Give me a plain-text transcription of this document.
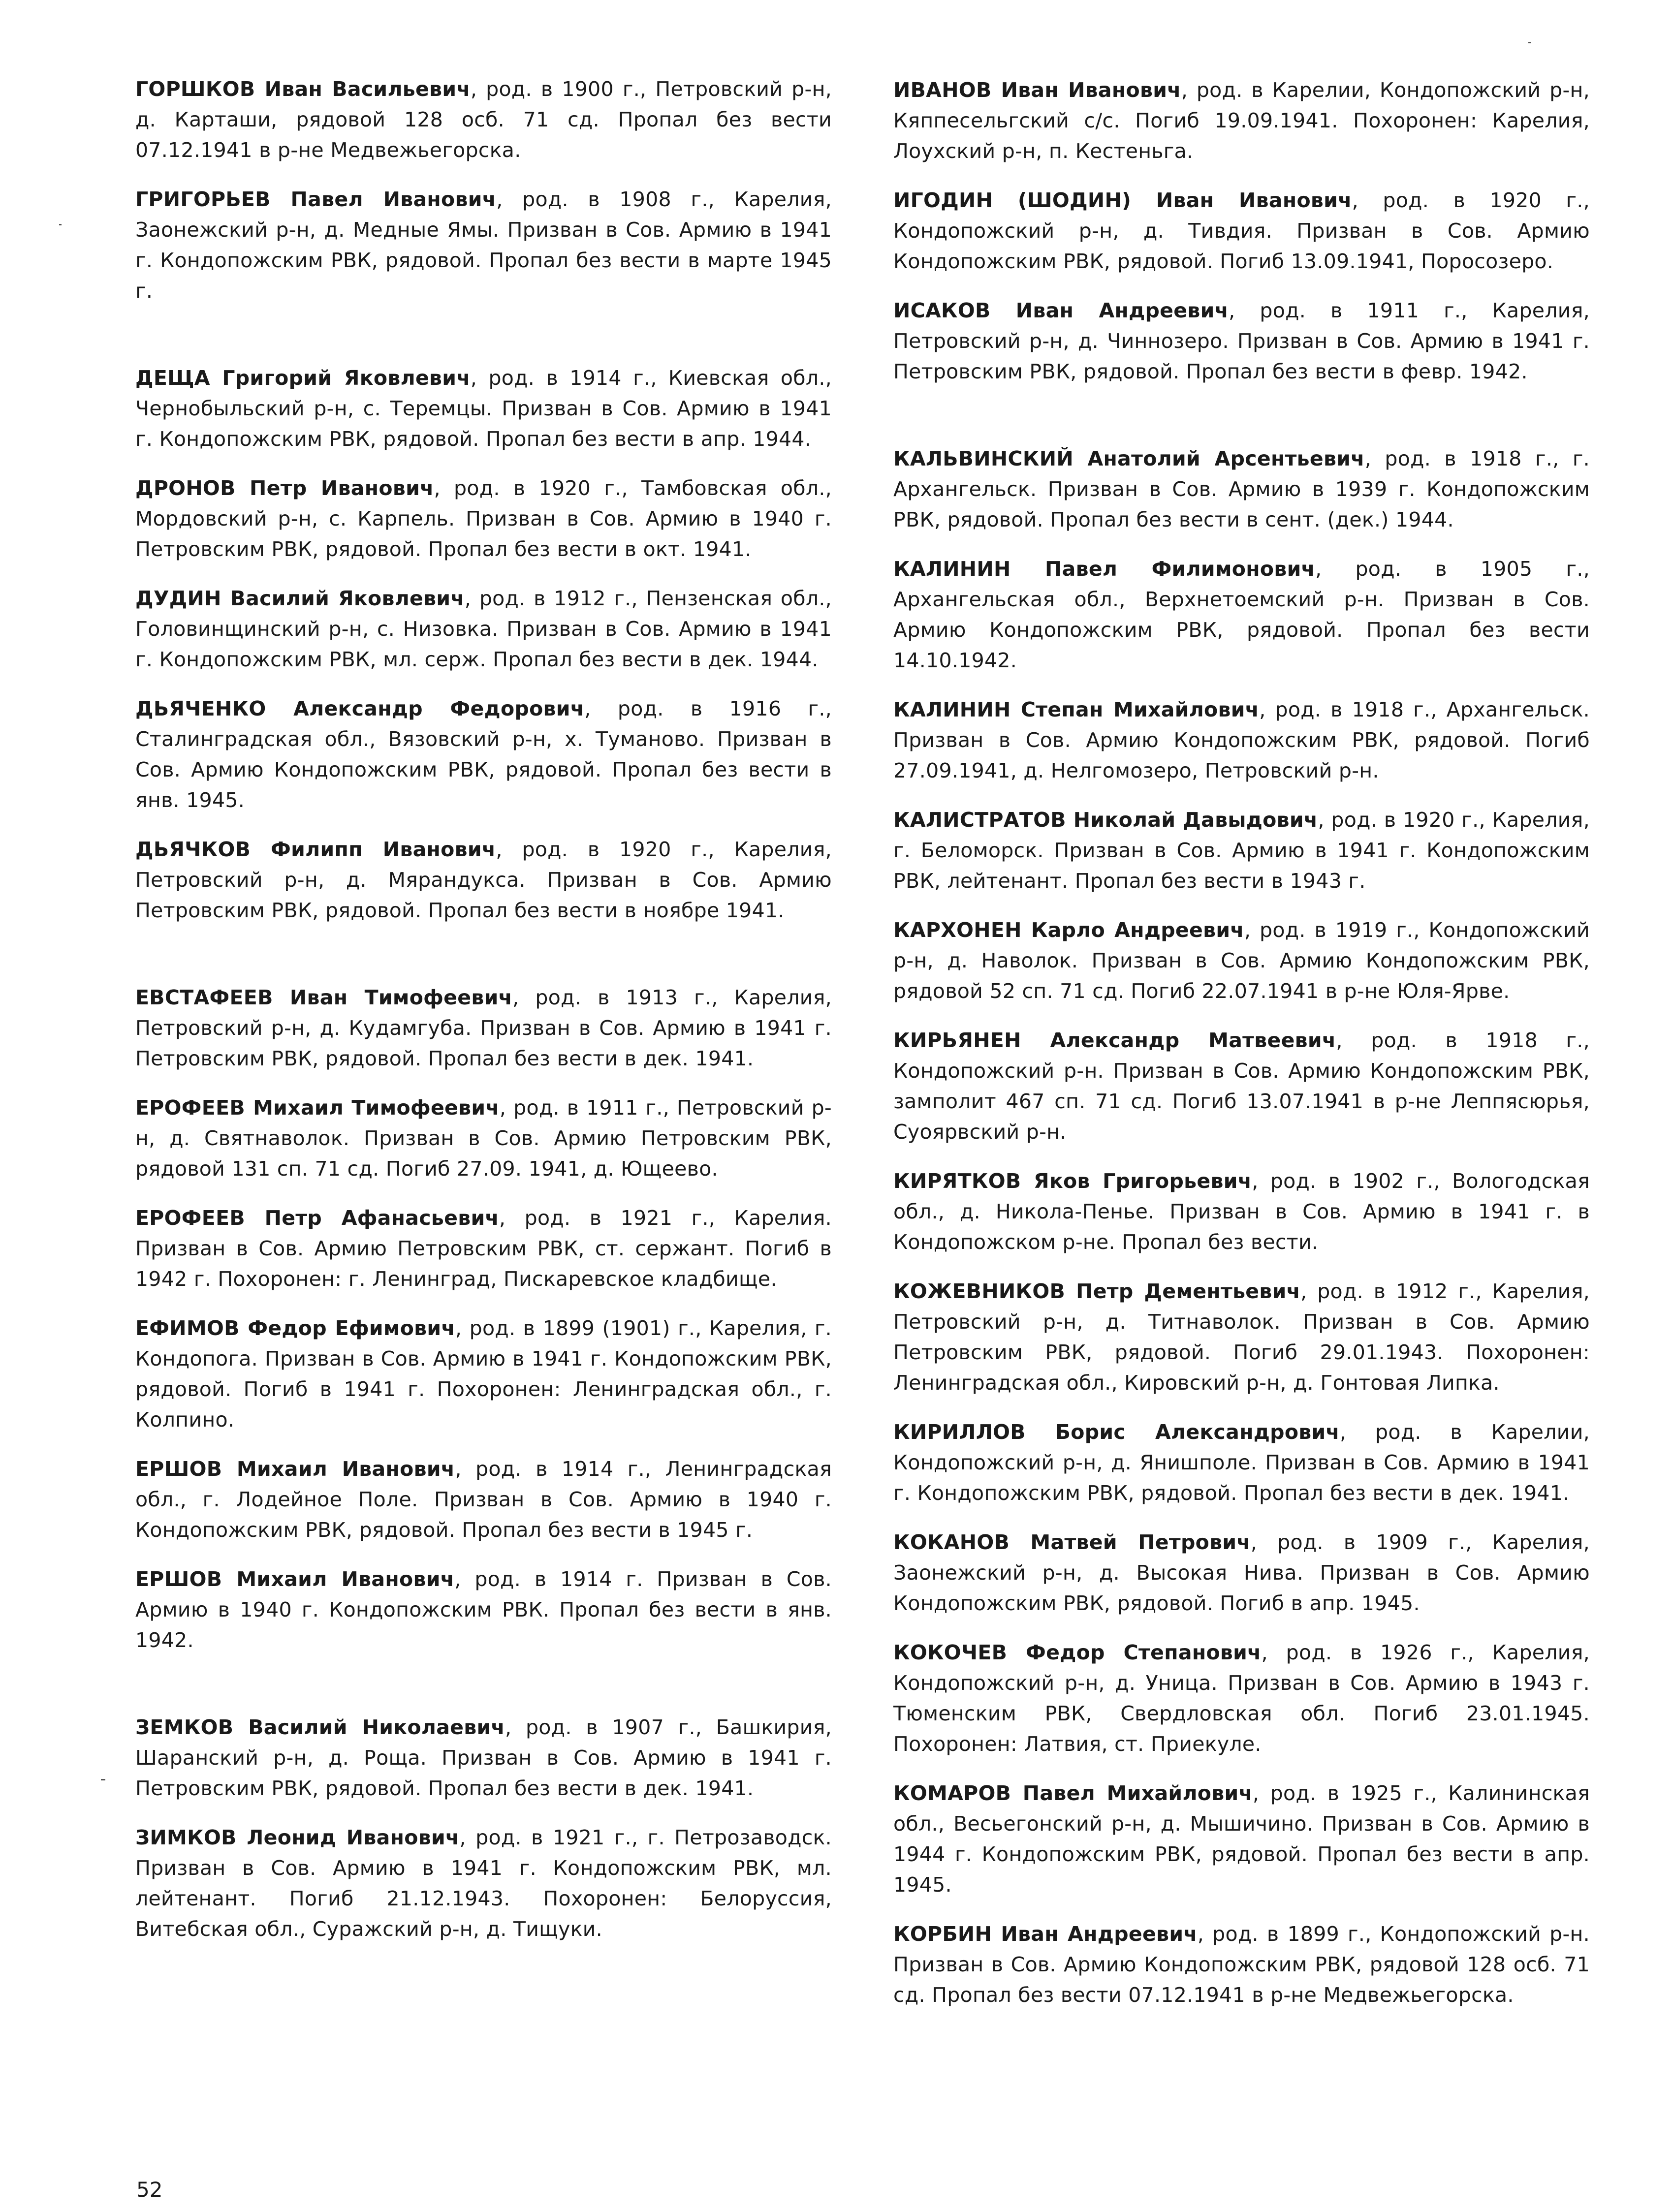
ГОРШКОВ Иван Васильевич, род. в 1900 г., Петровский р-н, д. Карташи, рядовой 128 осб. 71 сд. Пропал без вести 07.12.1941 в р-не Медвежьегорска.

ГРИГОРЬЕВ Павел Иванович, род. в 1908 г., Карелия, Заонежский р-н, д. Медные Ямы. Призван в Сов. Армию в 1941 г. Кондопожским РВК, рядовой. Пропал без вести в марте 1945 г.

ДЕЩА Григорий Яковлевич, род. в 1914 г., Киевская обл., Чернобыльский р-н, с. Теремцы. Призван в Сов. Армию в 1941 г. Кондопожским РВК, рядовой. Пропал без вести в апр. 1944.

ДРОНОВ Петр Иванович, род. в 1920 г., Тамбовская обл., Мордовский р-н, с. Карпель. Призван в Сов. Армию в 1940 г. Петровским РВК, рядовой. Пропал без вести в окт. 1941.

ДУДИН Василий Яковлевич, род. в 1912 г., Пензенская обл., Головинщинский р-н, с. Низовка. Призван в Сов. Армию в 1941 г. Кондопожским РВК, мл. серж. Пропал без вести в дек. 1944.

ДЬЯЧЕНКО Александр Федорович, род. в 1916 г., Сталинградская обл., Вязовский р-н, х. Туманово. Призван в Сов. Армию Кондопожским РВК, рядовой. Пропал без вести в янв. 1945.

ДЬЯЧКОВ Филипп Иванович, род. в 1920 г., Карелия, Петровский р-н, д. Мярандукса. Призван в Сов. Армию Петровским РВК, рядовой. Пропал без вести в ноябре 1941.

ЕВСТАФЕЕВ Иван Тимофеевич, род. в 1913 г., Карелия, Петровский р-н, д. Кудамгуба. Призван в Сов. Армию в 1941 г. Петровским РВК, рядовой. Пропал без вести в дек. 1941.

ЕРОФЕЕВ Михаил Тимофеевич, род. в 1911 г., Петровский р-н, д. Святнаволок. Призван в Сов. Армию Петровским РВК, рядовой 131 сп. 71 сд. Погиб 27.09. 1941, д. Ющеево.

ЕРОФЕЕВ Петр Афанасьевич, род. в 1921 г., Карелия. Призван в Сов. Армию Петровским РВК, ст. сержант. Погиб в 1942 г. Похоронен: г. Ленинград, Пискаревское кладбище.

ЕФИМОВ Федор Ефимович, род. в 1899 (1901) г., Карелия, г. Кондопога. Призван в Сов. Армию в 1941 г. Кондопожским РВК, рядовой. Погиб в 1941 г. Похоронен: Ленинградская обл., г. Колпино.

ЕРШОВ Михаил Иванович, род. в 1914 г., Ленинградская обл., г. Лодейное Поле. Призван в Сов. Армию в 1940 г. Кондопожским РВК, рядовой. Пропал без вести в 1945 г.

ЕРШОВ Михаил Иванович, род. в 1914 г. Призван в Сов. Армию в 1940 г. Кондопожским РВК. Пропал без вести в янв. 1942.

ЗЕМКОВ Василий Николаевич, род. в 1907 г., Башкирия, Шаранский р-н, д. Роща. Призван в Сов. Армию в 1941 г. Петровским РВК, рядовой. Пропал без вести в дек. 1941.

ЗИМКОВ Леонид Иванович, род. в 1921 г., г. Петрозаводск. Призван в Сов. Армию в 1941 г. Кондопожским РВК, мл. лейтенант. Погиб 21.12.1943. Похоронен: Белоруссия, Витебская обл., Суражский р-н, д. Тищуки.

ИВАНОВ Иван Иванович, род. в Карелии, Кондопожский р-н, Кяппесельгский с/с. Погиб 19.09.1941. Похоронен: Карелия, Лоухский р-н, п. Кестеньга.

ИГОДИН (ШОДИН) Иван Иванович, род. в 1920 г., Кондопожский р-н, д. Тивдия. Призван в Сов. Армию Кондопожским РВК, рядовой. Погиб 13.09.1941, Поросозеро.

ИСАКОВ Иван Андреевич, род. в 1911 г., Карелия, Петровский р-н, д. Чиннозеро. Призван в Сов. Армию в 1941 г. Петровским РВК, рядовой. Пропал без вести в февр. 1942.

КАЛЬВИНСКИЙ Анатолий Арсентьевич, род. в 1918 г., г. Архангельск. Призван в Сов. Армию в 1939 г. Кондопожским РВК, рядовой. Пропал без вести в сент. (дек.) 1944.

КАЛИНИН Павел Филимонович, род. в 1905 г., Архангельская обл., Верхнетоемский р-н. Призван в Сов. Армию Кондопожским РВК, рядовой. Пропал без вести 14.10.1942.

КАЛИНИН Степан Михайлович, род. в 1918 г., Архангельск. Призван в Сов. Армию Кондопожским РВК, рядовой. Погиб 27.09.1941, д. Нелгомозеро, Петровский р-н.

КАЛИСТРАТОВ Николай Давыдович, род. в 1920 г., Карелия, г. Беломорск. Призван в Сов. Армию в 1941 г. Кондопожским РВК, лейтенант. Пропал без вести в 1943 г.

КАРХОНЕН Карло Андреевич, род. в 1919 г., Кондопожский р-н, д. Наволок. Призван в Сов. Армию Кондопожским РВК, рядовой 52 сп. 71 сд. Погиб 22.07.1941 в р-не Юля-Ярве.

КИРЬЯНЕН Александр Матвеевич, род. в 1918 г., Кондопожский р-н. Призван в Сов. Армию Кондопожским РВК, замполит 467 сп. 71 сд. Погиб 13.07.1941 в р-не Леппясюрья, Суоярвский р-н.

КИРЯТКОВ Яков Григорьевич, род. в 1902 г., Вологодская обл., д. Никола-Пенье. Призван в Сов. Армию в 1941 г. в Кондопожском р-не. Пропал без вести.

КОЖЕВНИКОВ Петр Дементьевич, род. в 1912 г., Карелия, Петровский р-н, д. Титнаволок. Призван в Сов. Армию Петровским РВК, рядовой. Погиб 29.01.1943. Похоронен: Ленинградская обл., Кировский р-н, д. Гонтовая Липка.

КИРИЛЛОВ Борис Александрович, род. в Карелии, Кондопожский р-н, д. Янишполе. Призван в Сов. Армию в 1941 г. Кондопожским РВК, рядовой. Пропал без вести в дек. 1941.

КОКАНОВ Матвей Петрович, род. в 1909 г., Карелия, Заонежский р-н, д. Высокая Нива. Призван в Сов. Армию Кондопожским РВК, рядовой. Погиб в апр. 1945.

КОКОЧЕВ Федор Степанович, род. в 1926 г., Карелия, Кондопожский р-н, д. Уница. Призван в Сов. Армию в 1943 г. Тюменским РВК, Свердловская обл. Погиб 23.01.1945. Похоронен: Латвия, ст. Приекуле.

КОМАРОВ Павел Михайлович, род. в 1925 г., Калининская обл., Весьегонский р-н, д. Мышичино. Призван в Сов. Армию в 1944 г. Кондопожским РВК, рядовой. Пропал без вести в апр. 1945.

КОРБИН Иван Андреевич, род. в 1899 г., Кондопожский р-н. Призван в Сов. Армию Кондопожским РВК, рядовой 128 осб. 71 сд. Пропал без вести 07.12.1941 в р-не Медвежьегорска.

52
